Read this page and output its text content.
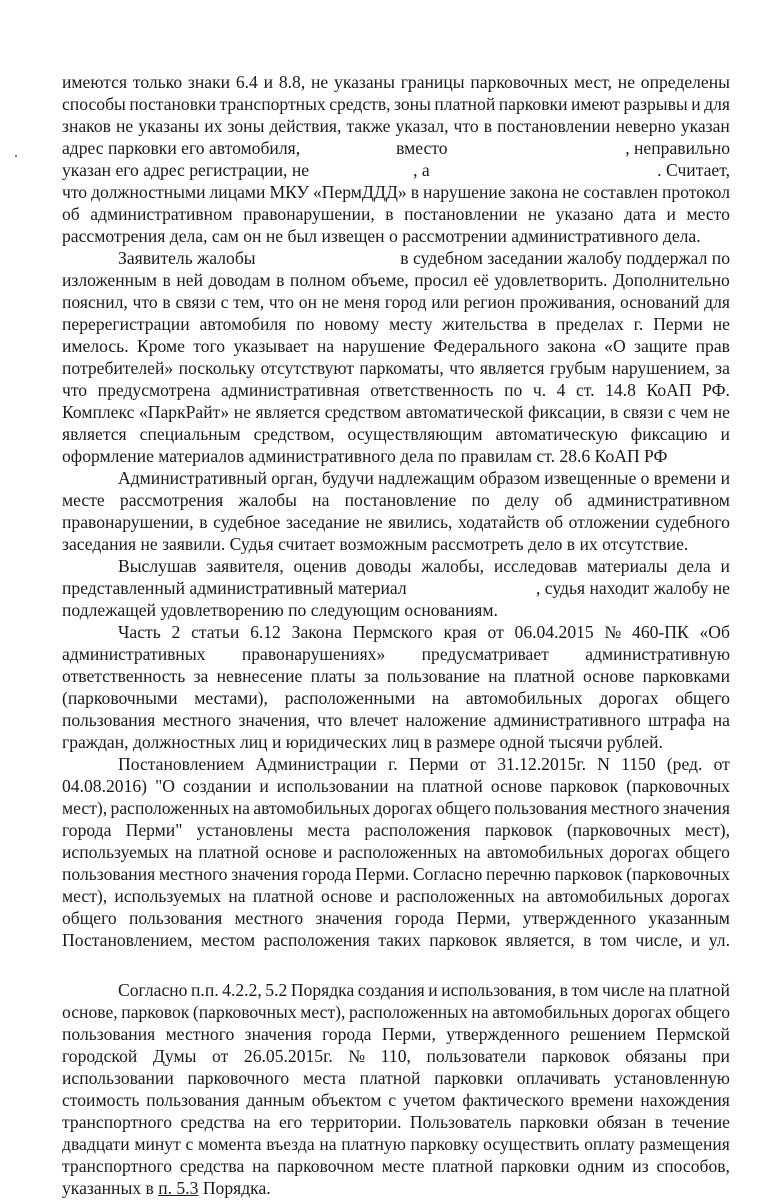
имеются только знаки 6.4 и 8.8, не указаны границы парковочных мест, не определены
способы постановки транспортных средств, зоны платной парковки имеют разрывы и для
знаков не указаны их зоны действия, также указал, что в постановлении неверно указан
адрес парковки его автомобиля,	вместо	, неправильно
указан его адрес регистрации, не	, а	. Считает,
что должностными лицами МКУ «ПермДДД» в нарушение закона не составлен протокол
об административном правонарушении, в постановлении не указано дата и место
рассмотрения дела, сам он не был извещен о рассмотрении административного дела.
Заявитель жалобы	в судебном заседании жалобу поддержал по
изложенным в ней доводам в полном объеме, просил её удовлетворить. Дополнительно
пояснил, что в связи с тем, что он не меня город или регион проживания, оснований для
перерегистрации автомобиля по новому месту жительства в пределах г. Перми не
имелось. Кроме того указывает на нарушение Федерального закона «О защите прав
потребителей» поскольку отсутствуют паркоматы, что является грубым нарушением, за
что предусмотрена административная ответственность по ч. 4 ст. 14.8 КоАП РФ.
Комплекс «ПаркРайт» не является средством автоматической фиксации, в связи с чем не
является специальным средством, осуществляющим автоматическую фиксацию и
оформление материалов административного дела по правилам ст. 28.6 КоАП РФ
Административный орган, будучи надлежащим образом извещенные о времени и
месте рассмотрения жалобы на постановление по делу об административном
правонарушении, в судебное заседание не явились, ходатайств об отложении судебного
заседания не заявили. Судья считает возможным рассмотреть дело в их отсутствие.
Выслушав заявителя, оценив доводы жалобы, исследовав материалы дела и
представленный административный материал	, судья находит жалобу не
подлежащей удовлетворению по следующим основаниям.
Часть 2 статьи 6.12 Закона Пермского края от 06.04.2015 № 460-ПК «Об
административных правонарушениях» предусматривает административную
ответственность за невнесение платы за пользование на платной основе парковками
(парковочными местами), расположенными на автомобильных дорогах общего
пользования местного значения, что влечет наложение административного штрафа на
граждан, должностных лиц и юридических лиц в размере одной тысячи рублей.
Постановлением Администрации г. Перми от 31.12.2015г. N 1150 (ред. от
04.08.2016) "О создании и использовании на платной основе парковок (парковочных
мест), расположенных на автомобильных дорогах общего пользования местного значения
города Перми" установлены места расположения парковок (парковочных мест),
используемых на платной основе и расположенных на автомобильных дорогах общего
пользования местного значения города Перми. Согласно перечню парковок (парковочных
мест), используемых на платной основе и расположенных на автомобильных дорогах
общего пользования местного значения города Перми, утвержденного указанным
Постановлением, местом расположения таких парковок является, в том числе, и ул.
Согласно п.п. 4.2.2, 5.2 Порядка создания и использования, в том числе на платной
основе, парковок (парковочных мест), расположенных на автомобильных дорогах общего
пользования местного значения города Перми, утвержденного решением Пермской
городской Думы от 26.05.2015г. № 110, пользователи парковок обязаны при
использовании парковочного места платной парковки оплачивать установленную
стоимость пользования данным объектом с учетом фактического времени нахождения
транспортного средства на его территории. Пользователь парковки обязан в течение
двадцати минут с момента въезда на платную парковку осуществить оплату размещения
транспортного средства на парковочном месте платной парковки одним из способов,
указанных в п. 5.3 Порядка.
